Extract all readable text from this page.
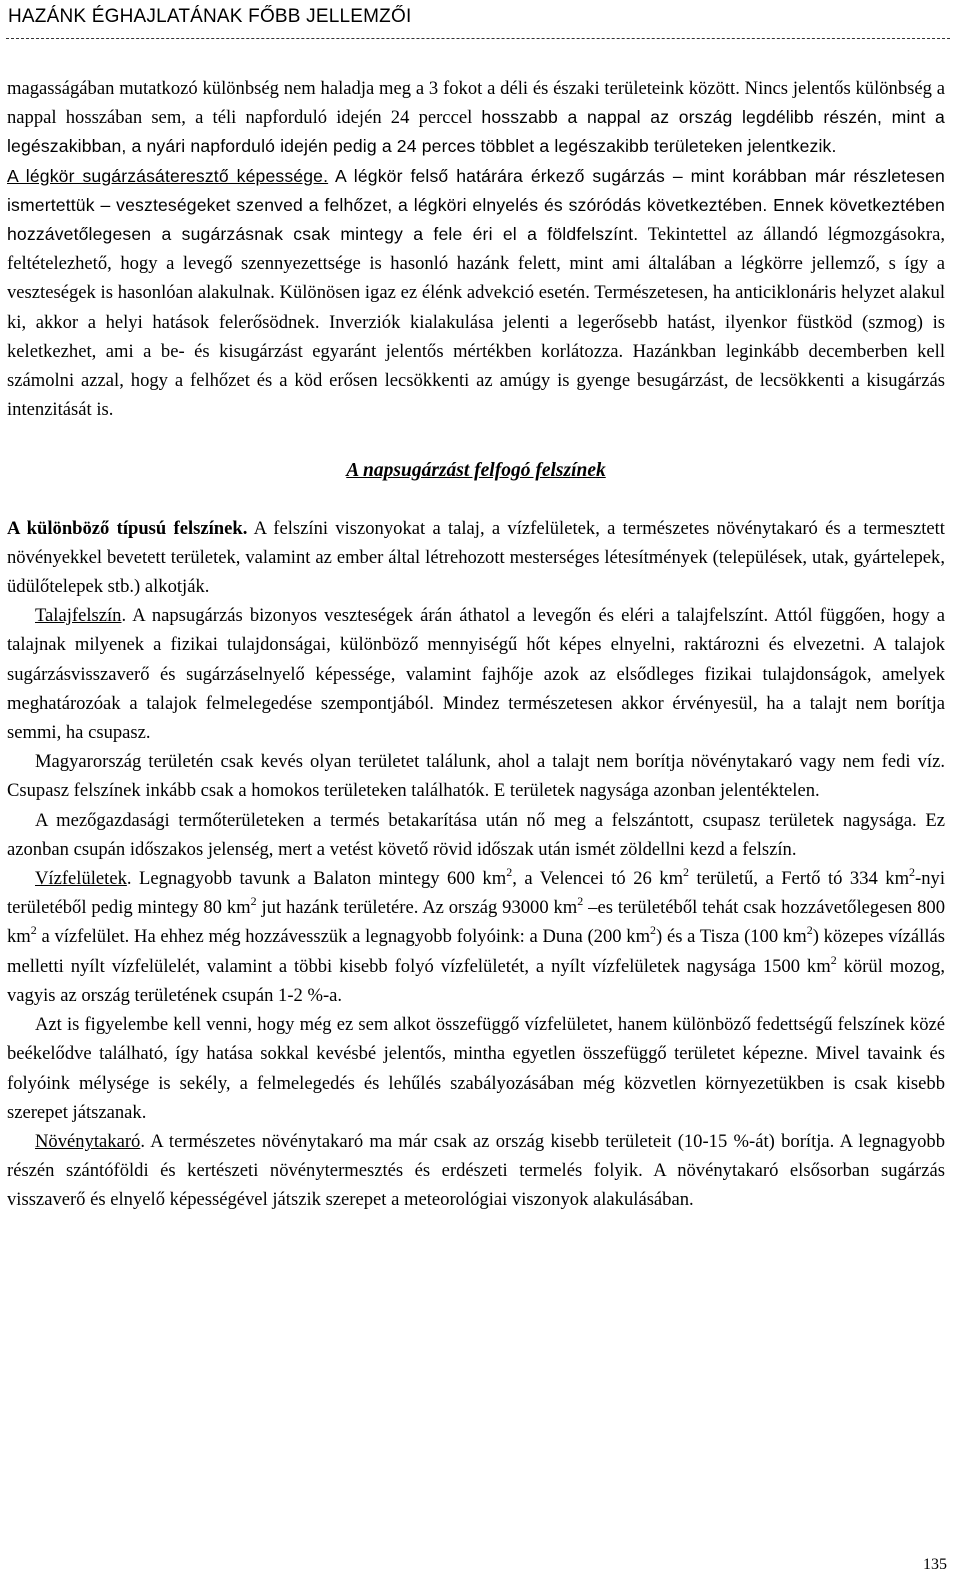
HAZÁNK ÉGHAJLATÁNAK FŐBB JELLEMZŐI

magasságában mutatkozó különbség nem haladja meg a 3 fokot a déli és északi területeink között. Nincs jelentős különbség a nappal hosszában sem, a téli napforduló idején 24 perccel hosszabb a nappal az ország legdélibb részén, mint a legészakibban, a nyári napforduló idején pedig a 24 perces többlet a legészakibb területeken jelentkezik.

A légkör sugárzásáteresztő képessége. A légkör felső határára érkező sugárzás – mint korábban már részletesen ismertettük – veszteségeket szenved a felhőzet, a légköri elnyelés és szóródás következtében. Ennek következtében hozzávetőlegesen a sugárzásnak csak mintegy a fele éri el a földfelszínt. Tekintettel az állandó légmozgásokra, feltételezhető, hogy a levegő szennyezettsége is hasonló hazánk felett, mint ami általában a légkörre jellemző, s így a veszteségek is hasonlóan alakulnak. Különösen igaz ez élénk advekció esetén. Természetesen, ha anticiklonáris helyzet alakul ki, akkor a helyi hatások felerősödnek. Inverziók kialakulása jelenti a legerősebb hatást, ilyenkor füstköd (szmog) is keletkezhet, ami a be- és kisugárzást egyaránt jelentős mértékben korlátozza. Hazánkban leginkább decemberben kell számolni azzal, hogy a felhőzet és a köd erősen lecsökkenti az amúgy is gyenge besugárzást, de lecsökkenti a kisugárzás intenzitását is.

A napsugárzást felfogó felszínek

A különböző típusú felszínek. A felszíni viszonyokat a talaj, a vízfelületek, a természetes növénytakaró és a termesztett növényekkel bevetett területek, valamint az ember által létrehozott mesterséges létesítmények (települések, utak, gyártelepek, üdülőtelepek stb.) alkotják.

Talajfelszín. A napsugárzás bizonyos veszteségek árán áthatol a levegőn és eléri a talajfelszínt. Attól függően, hogy a talajnak milyenek a fizikai tulajdonságai, különböző mennyiségű hőt képes elnyelni, raktározni és elvezetni. A talajok sugárzásvisszaverő és sugárzáselnyelő képessége, valamint fajhője azok az elsődleges fizikai tulajdonságok, amelyek meghatározóak a talajok felmelegedése szempontjából. Mindez természetesen akkor érvényesül, ha a talajt nem borítja semmi, ha csupasz.

Magyarország területén csak kevés olyan területet találunk, ahol a talajt nem borítja növénytakaró vagy nem fedi víz. Csupasz felszínek inkább csak a homokos területeken találhatók. E területek nagysága azonban jelentéktelen.

A mezőgazdasági termőterületeken a termés betakarítása után nő meg a felszántott, csupasz területek nagysága. Ez azonban csupán időszakos jelenség, mert a vetést követő rövid időszak után ismét zöldellni kezd a felszín.

Vízfelületek. Legnagyobb tavunk a Balaton mintegy 600 $km^2$, a Velencei tó 26 $km^2$ területű, a Fertő tó 334 $km^2$-nyi területéből pedig mintegy 80 $km^2$ jut hazánk területére. Az ország 93000 $km^2$ –es területéből tehát csak hozzávetőlegesen 800 $km^2$ a vízfelület. Ha ehhez még hozzávesszük a legnagyobb folyóink: a Duna (200 $km^2$) és a Tisza (100 $km^2$) közepes vízállás melletti nyílt vízfelülelét, valamint a többi kisebb folyó vízfelületét, a nyílt vízfelületek nagysága 1500 $km^2$ körül mozog, vagyis az ország területének csupán 1-2 %-a.

Azt is figyelembe kell venni, hogy még ez sem alkot összefüggő vízfelületet, hanem különböző fedettségű felszínek közé beékelődve található, így hatása sokkal kevésbé jelentős, mintha egyetlen összefüggő területet képezne. Mivel tavaink és folyóink mélysége is sekély, a felmelegedés és lehűlés szabályozásában még közvetlen környezetükben is csak kisebb szerepet játszanak.

Növénytakaró. A természetes növénytakaró ma már csak az ország kisebb területeit (10-15 %-át) borítja. A legnagyobb részén szántóföldi és kertészeti növénytermesztés és erdészeti termelés folyik. A növénytakaró elsősorban sugárzás visszaverő és elnyelő képességével játszik szerepet a meteorológiai viszonyok alakulásában.

135
